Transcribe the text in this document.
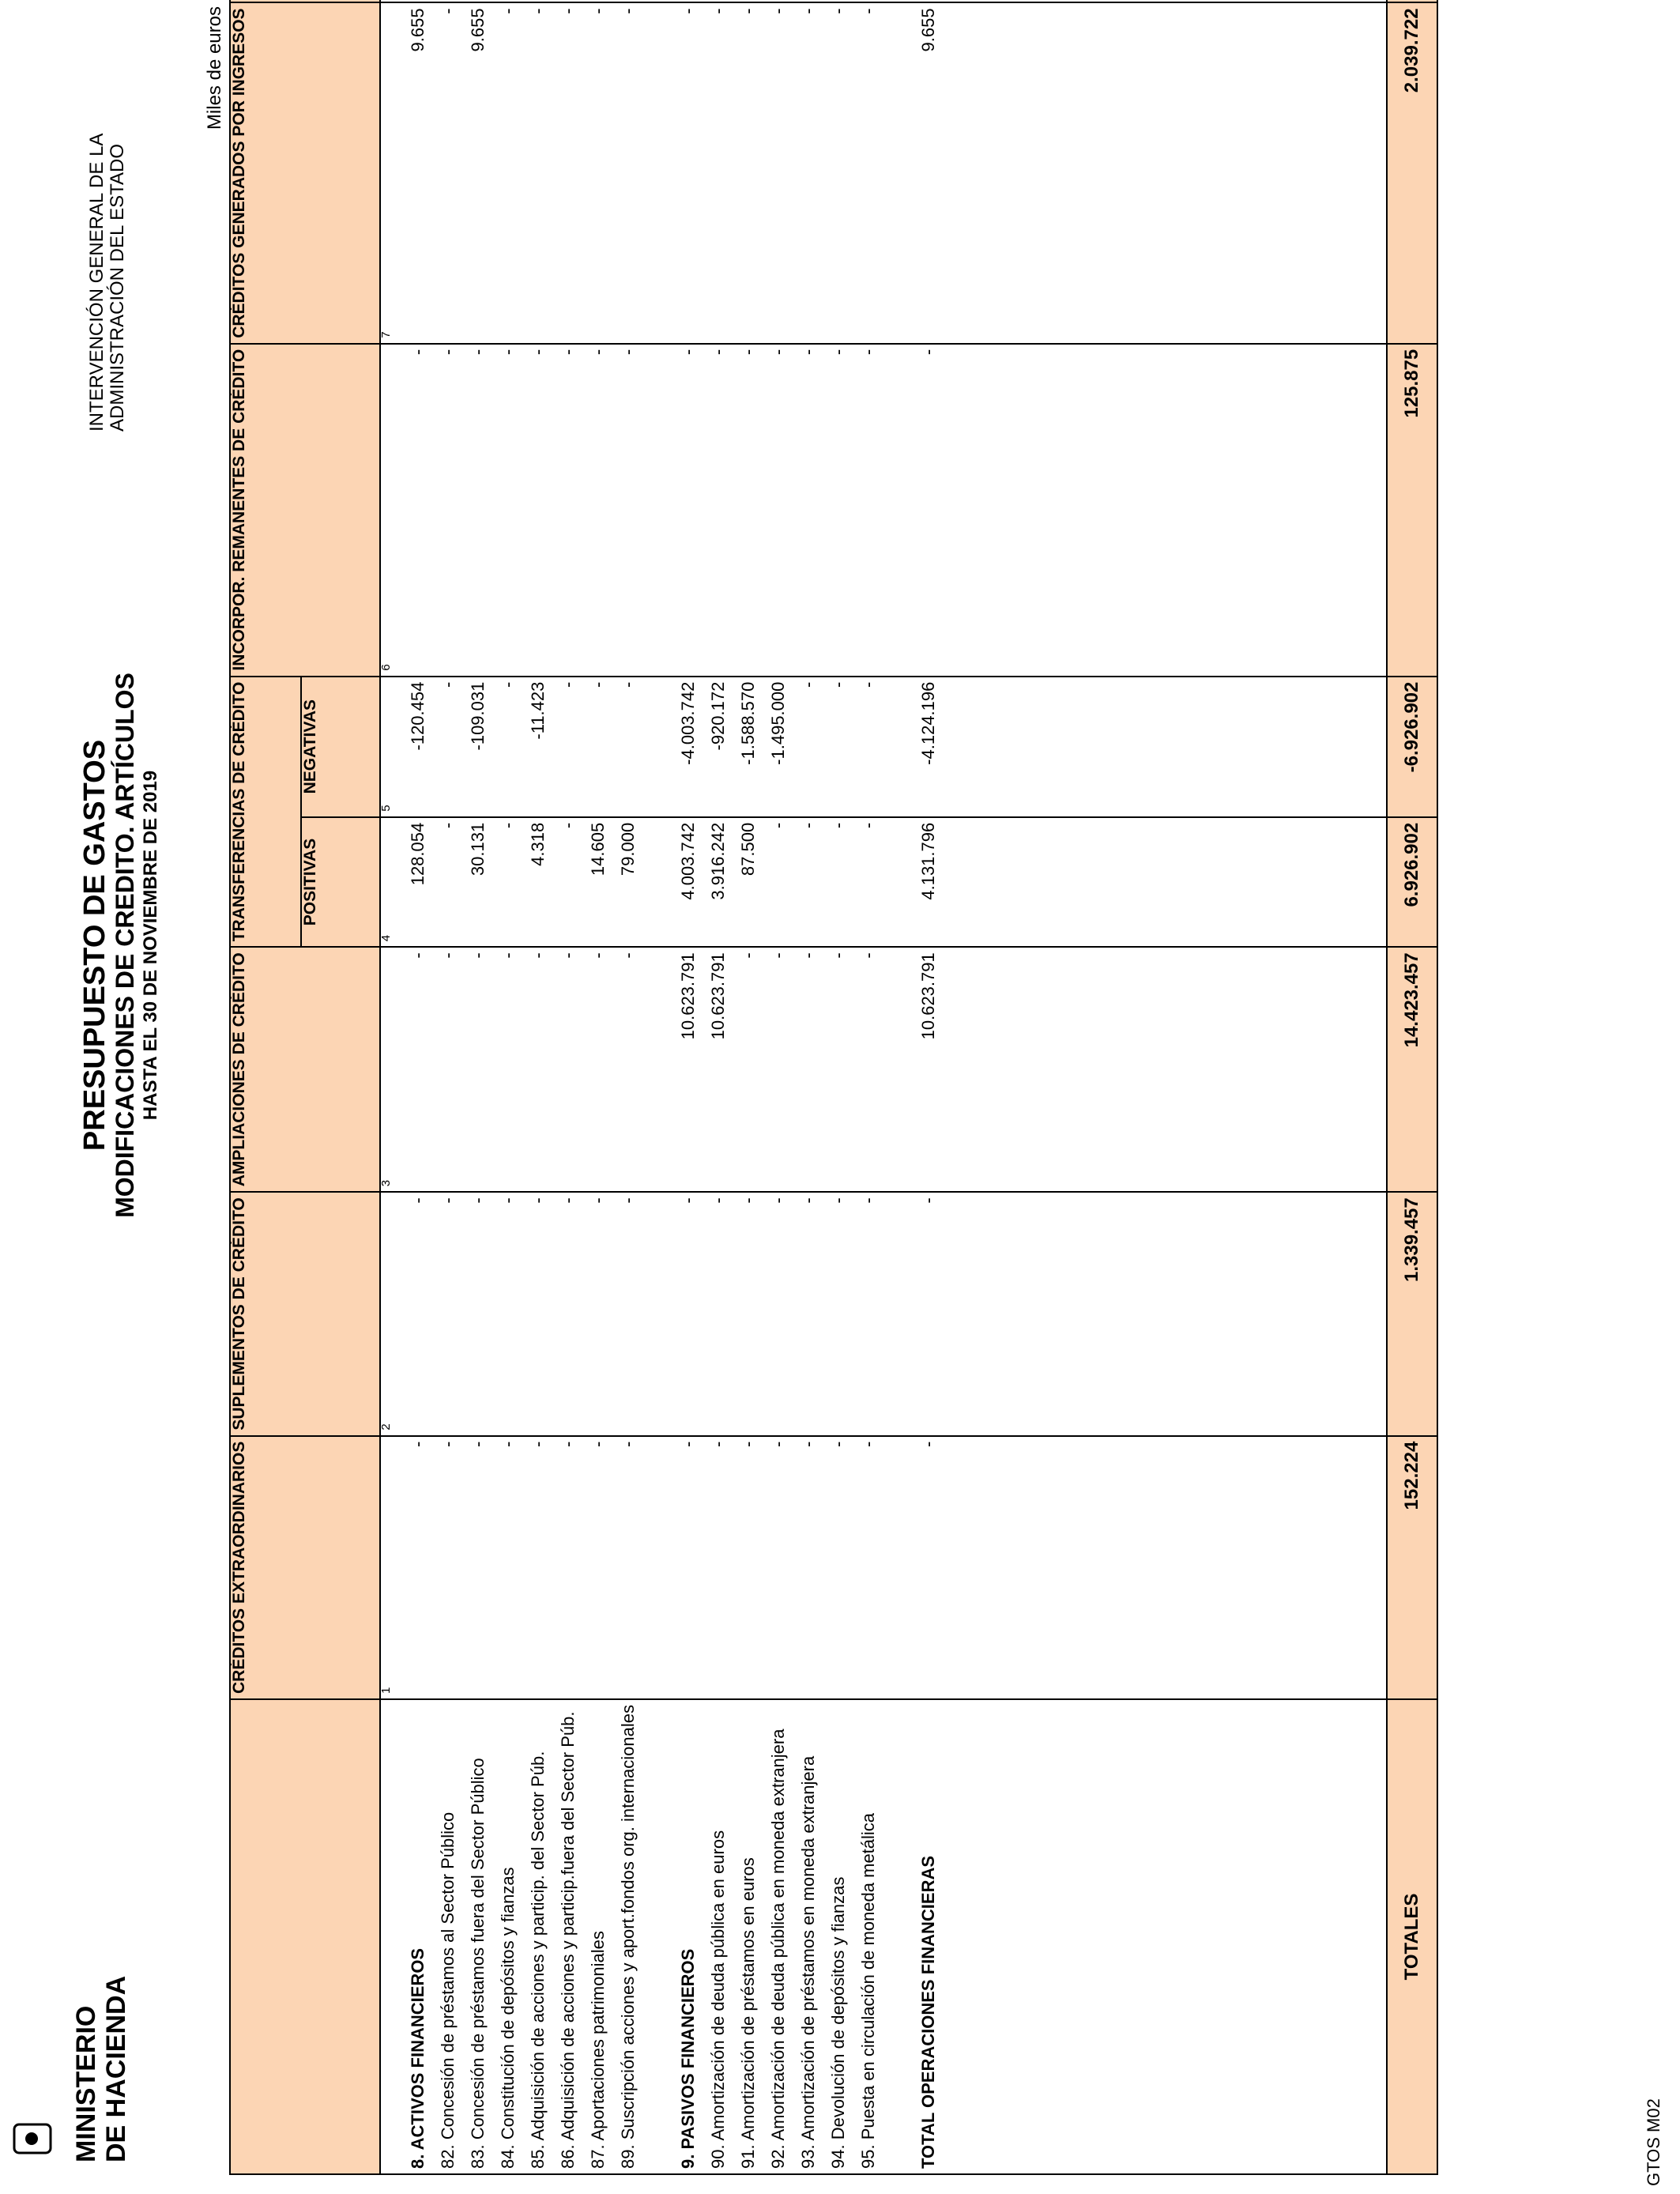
MINISTERIO DE HACIENDA
PRESUPUESTO DE GASTOS MODIFICACIONES DE CREDITO. ARTÍCULOS HASTA EL 30 DE NOVIEMBRE DE 2019
INTERVENCIÓN GENERAL DE LA ADMINISTRACIÓN DEL ESTADO
Miles de euros
	CRÉDITOS EXTRAORDINARIOS	SUPLEMENTOS DE CRÉDITO	AMPLIACIONES DE CRÉDITO	TRANSFERENCIAS DE CRÉDITO		INCORPOR. REMANENTES DE CRÉDITO	CRÉDITOS GENERADOS POR INGRESOS			
				POSITIVAS	NEGATIVAS					
	1	2	3	4	5	6	7			

8. ACTIVOS FINANCIEROS	-	-	-	128.054	-120.454	-	9.655			
82. Concesión de préstamos al Sector Público	-	-	-	-	-	-	-			
83. Concesión de préstamos fuera del Sector Público	-	-	-	30.131	-109.031	-	9.655			
84. Constitución de depósitos y fianzas	-	-	-	-	-	-	-			
85. Adquisición de acciones y particip. del Sector Púb.	-	-	-	4.318	-11.423	-	-			
86. Adquisición de acciones y particip.fuera del Sector Púb.	-	-	-	-	-	-	-			
87. Aportaciones patrimoniales	-	-	-	14.605	-	-	-			
89. Suscripción acciones y aport.fondos org. internacionales	-	-	-	79.000	-	-	-			

9. PASIVOS FINANCIEROS	-	-	10.623.791	4.003.742	-4.003.742	-	-			
90. Amortización de deuda pública en euros	-	-	10.623.791	3.916.242	-920.172	-	-			
91. Amortización de préstamos en euros	-	-	-	87.500	-1.588.570	-	-			
92. Amortización de deuda pública en moneda extranjera	-	-	-	-	-1.495.000	-	-			
93. Amortización de préstamos en moneda extranjera	-	-	-	-	-	-	-			
94. Devolución de depósitos y fianzas	-	-	-	-	-	-	-			
95. Puesta en circulación de moneda metálica	-	-	-	-	-	-	-			

TOTAL OPERACIONES FINANCIERAS	-	-	10.623.791	4.131.796	-4.124.196	-	9.655			

TOTALES	152.224	1.339.457	14.423.457	6.926.902	-6.926.902	125.875	2.039.722			
GTOS M02
